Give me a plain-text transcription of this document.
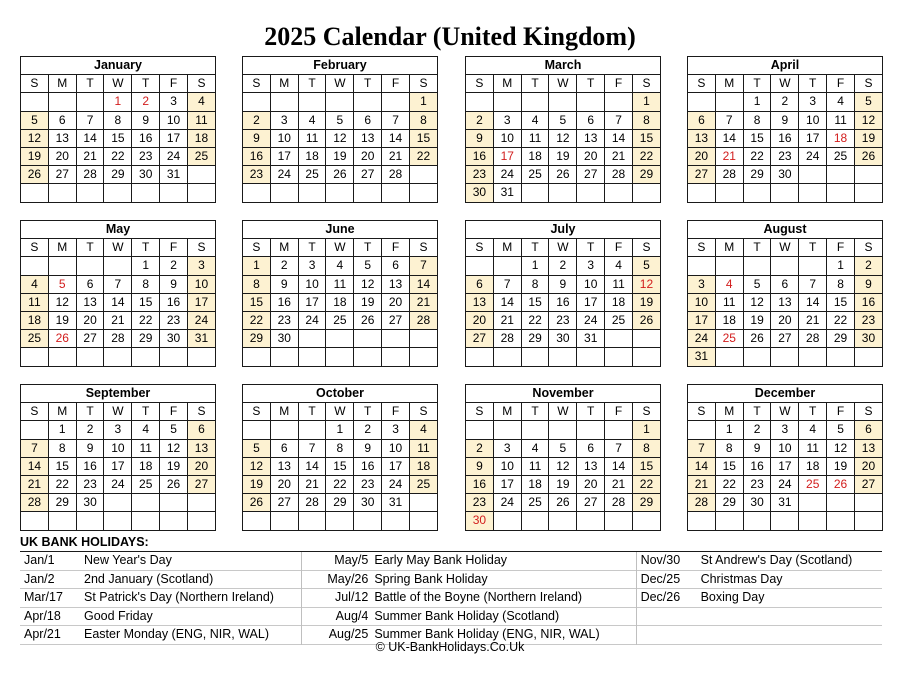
2025 Calendar (United Kingdom)
January						
S	M	T	W	T	F	S
			1	2	3	4
5	6	7	8	9	10	11
12	13	14	15	16	17	18
19	20	21	22	23	24	25
26	27	28	29	30	31	

February						
S	M	T	W	T	F	S
						1
2	3	4	5	6	7	8
9	10	11	12	13	14	15
16	17	18	19	20	21	22
23	24	25	26	27	28	

March						
S	M	T	W	T	F	S
						1
2	3	4	5	6	7	8
9	10	11	12	13	14	15
16	17	18	19	20	21	22
23	24	25	26	27	28	29
30	31					
April						
S	M	T	W	T	F	S
		1	2	3	4	5
6	7	8	9	10	11	12
13	14	15	16	17	18	19
20	21	22	23	24	25	26
27	28	29	30			

May						
S	M	T	W	T	F	S
				1	2	3
4	5	6	7	8	9	10
11	12	13	14	15	16	17
18	19	20	21	22	23	24
25	26	27	28	29	30	31

June						
S	M	T	W	T	F	S
1	2	3	4	5	6	7
8	9	10	11	12	13	14
15	16	17	18	19	20	21
22	23	24	25	26	27	28
29	30					

July						
S	M	T	W	T	F	S
		1	2	3	4	5
6	7	8	9	10	11	12
13	14	15	16	17	18	19
20	21	22	23	24	25	26
27	28	29	30	31		

August						
S	M	T	W	T	F	S
					1	2
3	4	5	6	7	8	9
10	11	12	13	14	15	16
17	18	19	20	21	22	23
24	25	26	27	28	29	30
31						
September						
S	M	T	W	T	F	S
	1	2	3	4	5	6
7	8	9	10	11	12	13
14	15	16	17	18	19	20
21	22	23	24	25	26	27
28	29	30				

October						
S	M	T	W	T	F	S
			1	2	3	4
5	6	7	8	9	10	11
12	13	14	15	16	17	18
19	20	21	22	23	24	25
26	27	28	29	30	31	

November						
S	M	T	W	T	F	S
						1
2	3	4	5	6	7	8
9	10	11	12	13	14	15
16	17	18	19	20	21	22
23	24	25	26	27	28	29
30						
December						
S	M	T	W	T	F	S
	1	2	3	4	5	6
7	8	9	10	11	12	13
14	15	16	17	18	19	20
21	22	23	24	25	26	27
28	29	30	31			

UK BANK HOLIDAYS:
Jan/1	New Year's Day
Jan/2	2nd January (Scotland)
Mar/17	St Patrick's Day (Northern Ireland)
Apr/18	Good Friday
Apr/21	Easter Monday (ENG, NIR, WAL)
May/5 Early May Bank Holiday
May/26 Spring Bank Holiday
Jul/12 Battle of the Boyne (Northern Ireland)
Aug/4 Summer Bank Holiday (Scotland)
Aug/25 Summer Bank Holiday (ENG, NIR, WAL)
Nov/30	St Andrew's Day (Scotland)
Dec/25	Christmas Day
Dec/26	Boxing Day
© UK-BankHolidays.Co.Uk
